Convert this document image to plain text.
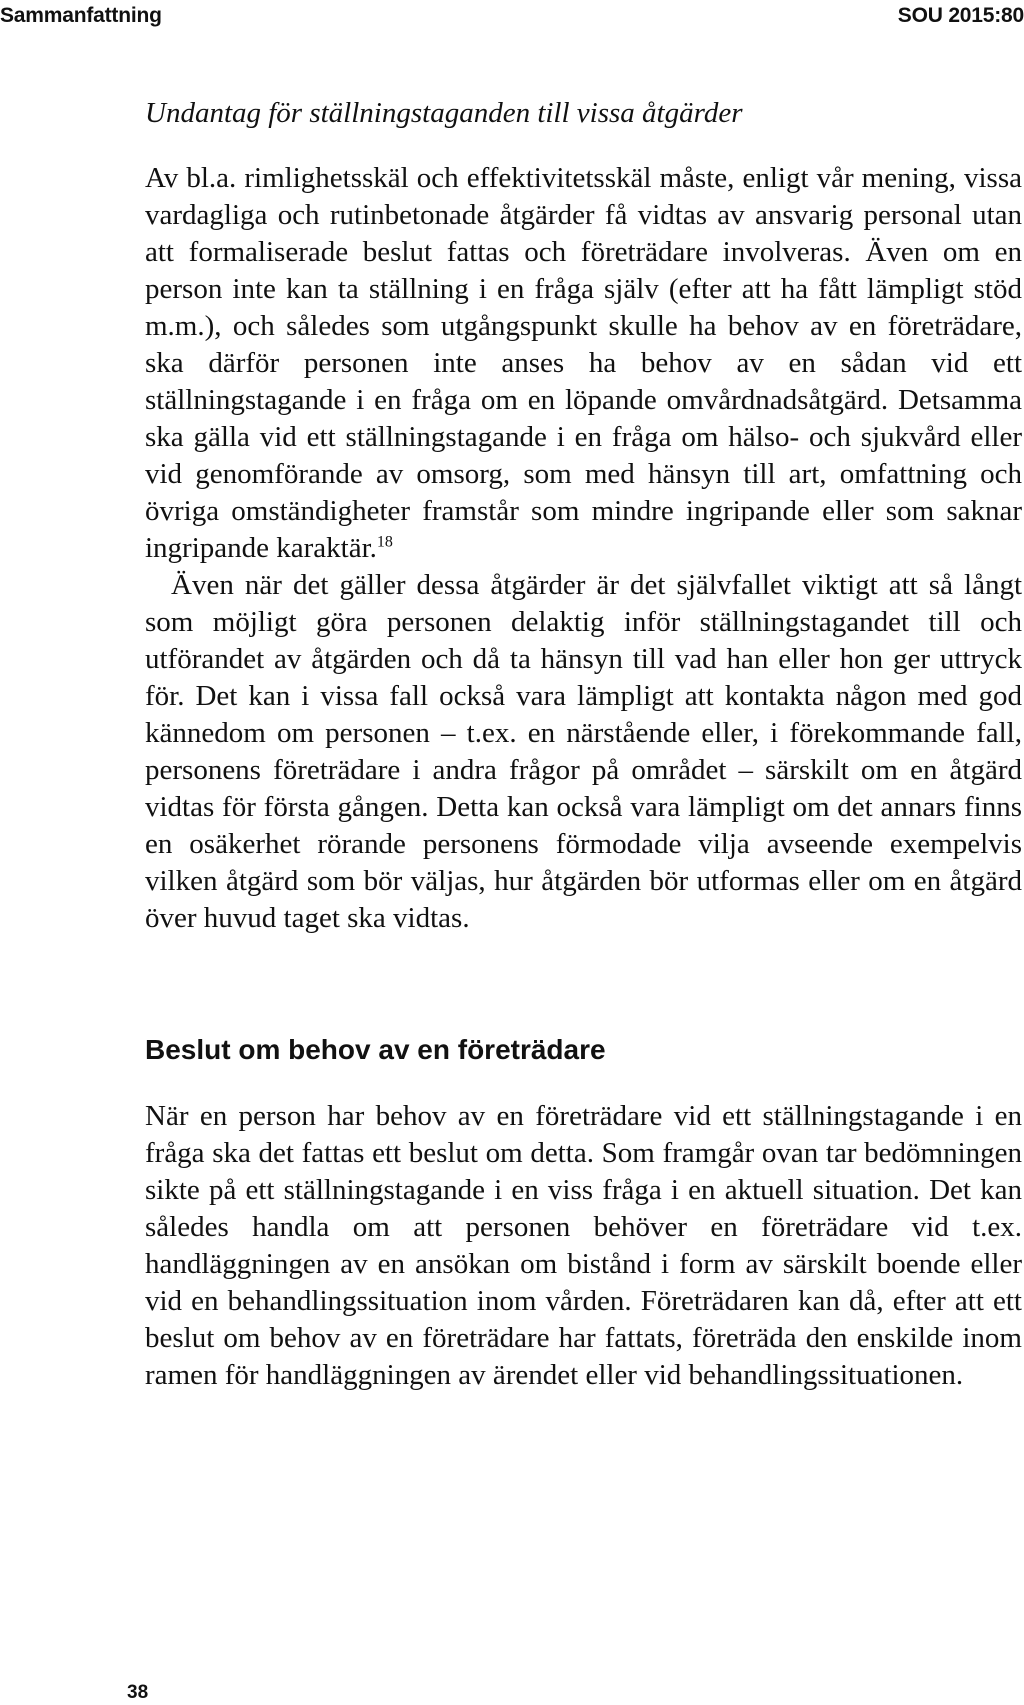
Sammanfattning	SOU 2015:80

Undantag för ställningstaganden till vissa åtgärder

Av bl.a. rimlighetsskäl och effektivitetsskäl måste, enligt vår mening, vissa vardagliga och rutinbetonade åtgärder få vidtas av ansvarig personal utan att formaliserade beslut fattas och företrädare involveras. Även om en person inte kan ta ställning i en fråga själv (efter att ha fått lämpligt stöd m.m.), och således som utgångspunkt skulle ha behov av en företrädare, ska därför personen inte anses ha behov av en sådan vid ett ställningstagande i en fråga om en löpande omvårdnadsåtgärd. Detsamma ska gälla vid ett ställningstagande i en fråga om hälso- och sjukvård eller vid genomförande av omsorg, som med hänsyn till art, omfattning och övriga omständigheter framstår som mindre ingripande eller som saknar ingripande karaktär.$^{18}$

Även när det gäller dessa åtgärder är det självfallet viktigt att så långt som möjligt göra personen delaktig inför ställningstagandet till och utförandet av åtgärden och då ta hänsyn till vad han eller hon ger uttryck för. Det kan i vissa fall också vara lämpligt att kontakta någon med god kännedom om personen – t.ex. en närstående eller, i förekommande fall, personens företrädare i andra frågor på området – särskilt om en åtgärd vidtas för första gången. Detta kan också vara lämpligt om det annars finns en osäkerhet rörande personens förmodade vilja avseende exempelvis vilken åtgärd som bör väljas, hur åtgärden bör utformas eller om en åtgärd över huvud taget ska vidtas.

Beslut om behov av en företrädare

När en person har behov av en företrädare vid ett ställningstagande i en fråga ska det fattas ett beslut om detta. Som framgår ovan tar bedömningen sikte på ett ställningstagande i en viss fråga i en aktuell situation. Det kan således handla om att personen behöver en företrädare vid t.ex. handläggningen av en ansökan om bistånd i form av särskilt boende eller vid en behandlingssituation inom vården. Företrädaren kan då, efter att ett beslut om behov av en företrädare har fattats, företräda den enskilde inom ramen för handläggningen av ärendet eller vid behandlingssituationen.

38
